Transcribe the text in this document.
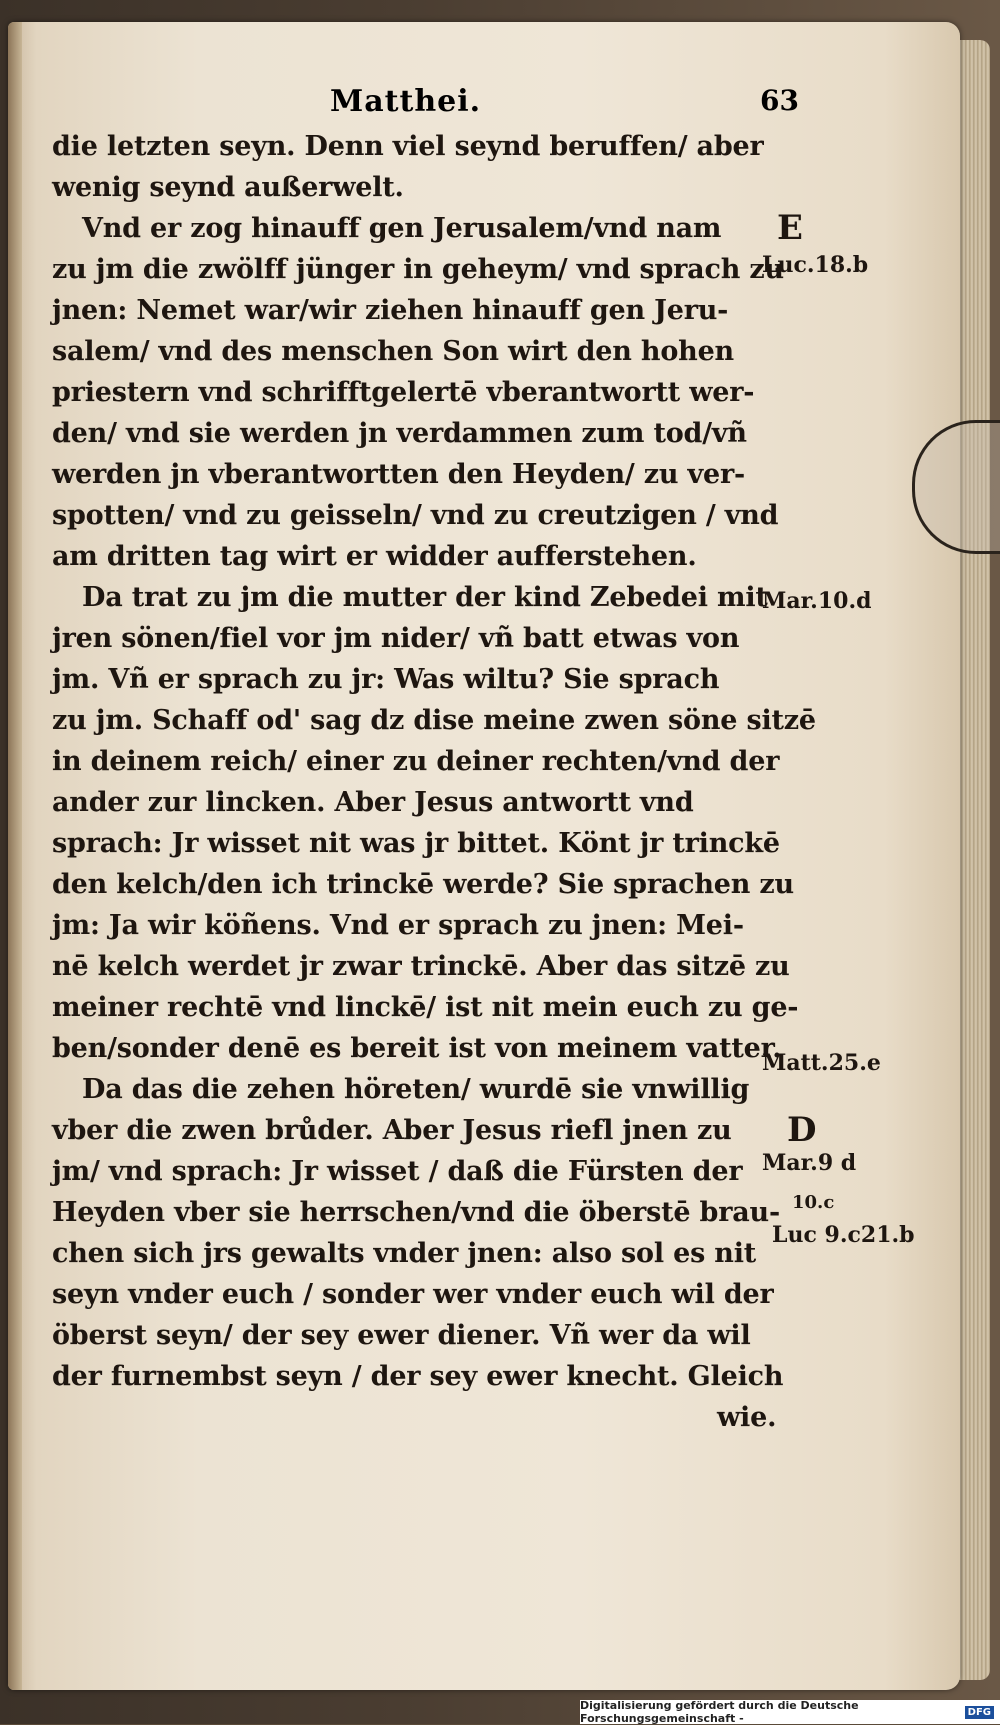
Matthei.	63
die letzten seyn. Denn viel seynd beruffen/ aber
wenig seynd außerwelt.
Vnd er zog hinauff gen Jerusalem/vnd nam
zu jm die zwölff jünger in geheym/ vnd sprach zu
jnen: Nemet war/wir ziehen hinauff gen Jeru-
salem/ vnd des menschen Son wirt den hohen
priestern vnd schrifftgelertē vberantwortt wer-
den/ vnd sie werden jn verdammen zum tod/vñ
werden jn vberantwortten den Heyden/ zu ver-
spotten/ vnd zu geisseln/ vnd zu creutzigen / vnd
am dritten tag wirt er widder aufferstehen.
Da trat zu jm die mutter der kind Zebedei mit
jren sönen/fiel vor jm nider/ vñ batt etwas von
jm. Vñ er sprach zu jr: Was wiltu? Sie sprach
zu jm. Schaff od' sag dz dise meine zwen söne sitzē
in deinem reich/ einer zu deiner rechten/vnd der
ander zur lincken. Aber Jesus antwortt vnd
sprach: Jr wisset nit was jr bittet. Könt jr trinckē
den kelch/den ich trinckē werde? Sie sprachen zu
jm: Ja wir köñens. Vnd er sprach zu jnen: Mei-
nē kelch werdet jr zwar trinckē. Aber das sitzē zu
meiner rechtē vnd linckē/ ist nit mein euch zu ge-
ben/sonder denē es bereit ist von meinem vatter.
Da das die zehen höreten/ wurdē sie vnwillig
vber die zwen brůder. Aber Jesus riefl jnen zu
jm/ vnd sprach: Jr wisset / daß die Fürsten der
Heyden vber sie herrschen/vnd die öberstē brau-
chen sich jrs gewalts vnder jnen: also sol es nit
seyn vnder euch / sonder wer vnder euch wil der
öberst seyn/ der sey ewer diener. Vñ wer da wil
der furnembst seyn / der sey ewer knecht. Gleich
wie.
E
Luc.18.b
Mar.10.d
Matt.25.e
D
Mar.9 d
10.c
Luc 9.c21.b
Digitalisierung gefördert durch die Deutsche Forschungsgemeinschaft -	DFG
